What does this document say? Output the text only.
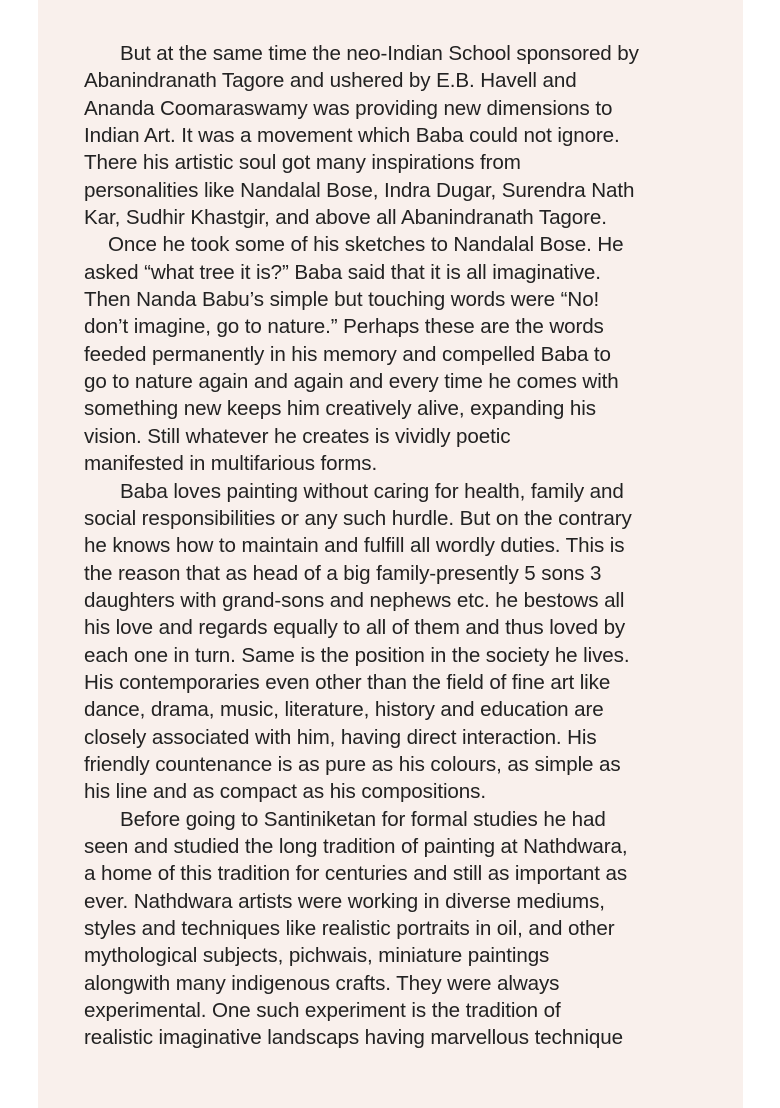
But at the same time the neo-Indian School sponsored by
Abanindranath Tagore and ushered by E.B. Havell and
Ananda Coomaraswamy was providing new dimensions to
Indian Art. It was a movement which Baba could not ignore.
There his artistic soul got many inspirations from
personalities like Nandalal Bose, Indra Dugar, Surendra Nath
Kar, Sudhir Khastgir, and above all Abanindranath Tagore.
Once he took some of his sketches to Nandalal Bose. He
asked “what tree it is?” Baba said that it is all imaginative.
Then Nanda Babu’s simple but touching words were “No!
don’t imagine, go to nature.” Perhaps these are the words
feeded permanently in his memory and compelled Baba to
go to nature again and again and every time he comes with
something new keeps him creatively alive, expanding his
vision. Still whatever he creates is vividly poetic
manifested in multifarious forms.
Baba loves painting without caring for health, family and
social responsibilities or any such hurdle. But on the contrary
he knows how to maintain and fulfill all wordly duties. This is
the reason that as head of a big family-presently 5 sons 3
daughters with grand-sons and nephews etc. he bestows all
his love and regards equally to all of them and thus loved by
each one in turn. Same is the position in the society he lives.
His contemporaries even other than the field of fine art like
dance, drama, music, literature, history and education are
closely associated with him, having direct interaction. His
friendly countenance is as pure as his colours, as simple as
his line and as compact as his compositions.
Before going to Santiniketan for formal studies he had
seen and studied the long tradition of painting at Nathdwara,
a home of this tradition for centuries and still as important as
ever. Nathdwara artists were working in diverse mediums,
styles and techniques like realistic portraits in oil, and other
mythological subjects, pichwais, miniature paintings
alongwith many indigenous crafts. They were always
experimental. One such experiment is the tradition of
realistic imaginative landscaps having marvellous technique
